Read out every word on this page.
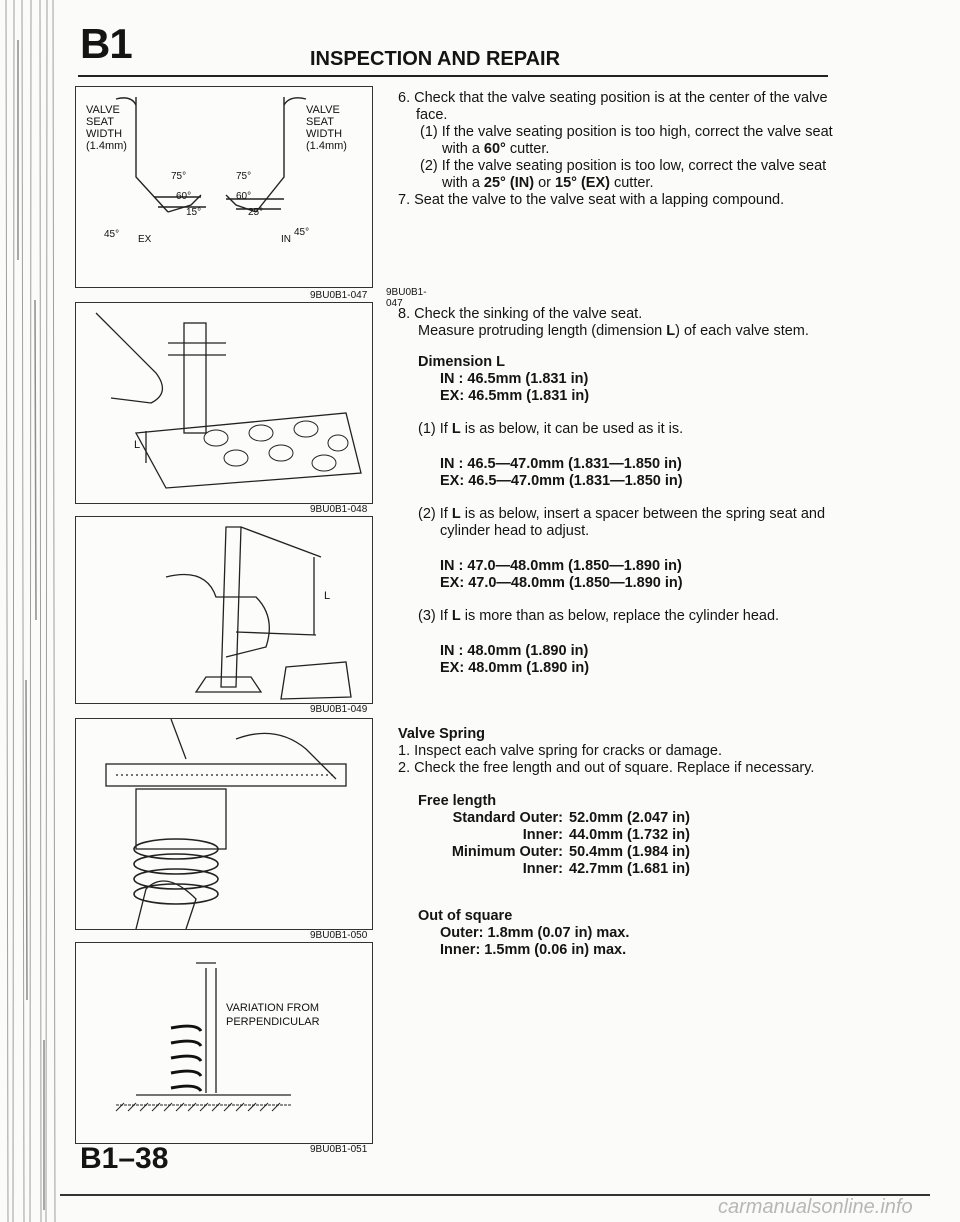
B1	INSPECTION AND REPAIR
VALVE SEAT WIDTH (1.4mm)
75°
60°
15°
45° EX
VALVE SEAT WIDTH (1.4mm)
75°
60°
25°
45°
IN
9BU0B1-047
9BU0B1-047
L
9BU0B1-048
L
9BU0B1-049
9BU0B1-050
VARIATION FROM
PERPENDICULAR
9BU0B1-051
B1–38
carmanualsonline.info

6. Check that the valve seating position is at the center of the valve face.

(1) If the valve seating position is too high, correct the valve seat with a 60° cutter.

(2) If the valve seating position is too low, correct the valve seat with a 25° (IN) or 15° (EX) cutter.

7. Seat the valve to the valve seat with a lapping compound.

8. Check the sinking of the valve seat.

Measure protruding length (dimension L) of each valve stem.

Dimension L

IN : 46.5mm (1.831 in)

EX: 46.5mm (1.831 in)

(1) If L is as below, it can be used as it is.

IN : 46.5—47.0mm (1.831—1.850 in)

EX: 46.5—47.0mm (1.831—1.850 in)

(2) If L is as below, insert a spacer between the spring seat and cylinder head to adjust.

IN : 47.0—48.0mm (1.850—1.890 in)

EX: 47.0—48.0mm (1.850—1.890 in)

(3) If L is more than as below, replace the cylinder head.

IN : 48.0mm (1.890 in)

EX: 48.0mm (1.890 in)

Valve Spring

1. Inspect each valve spring for cracks or damage.

2. Check the free length and out of square. Replace if necessary.

Free length

Standard Outer: 52.0mm (2.047 in)
Inner: 44.0mm (1.732 in)
Minimum Outer: 50.4mm (1.984 in)
Inner: 42.7mm (1.681 in)

Out of square

Outer: 1.8mm (0.07 in) max.

Inner: 1.5mm (0.06 in) max.
